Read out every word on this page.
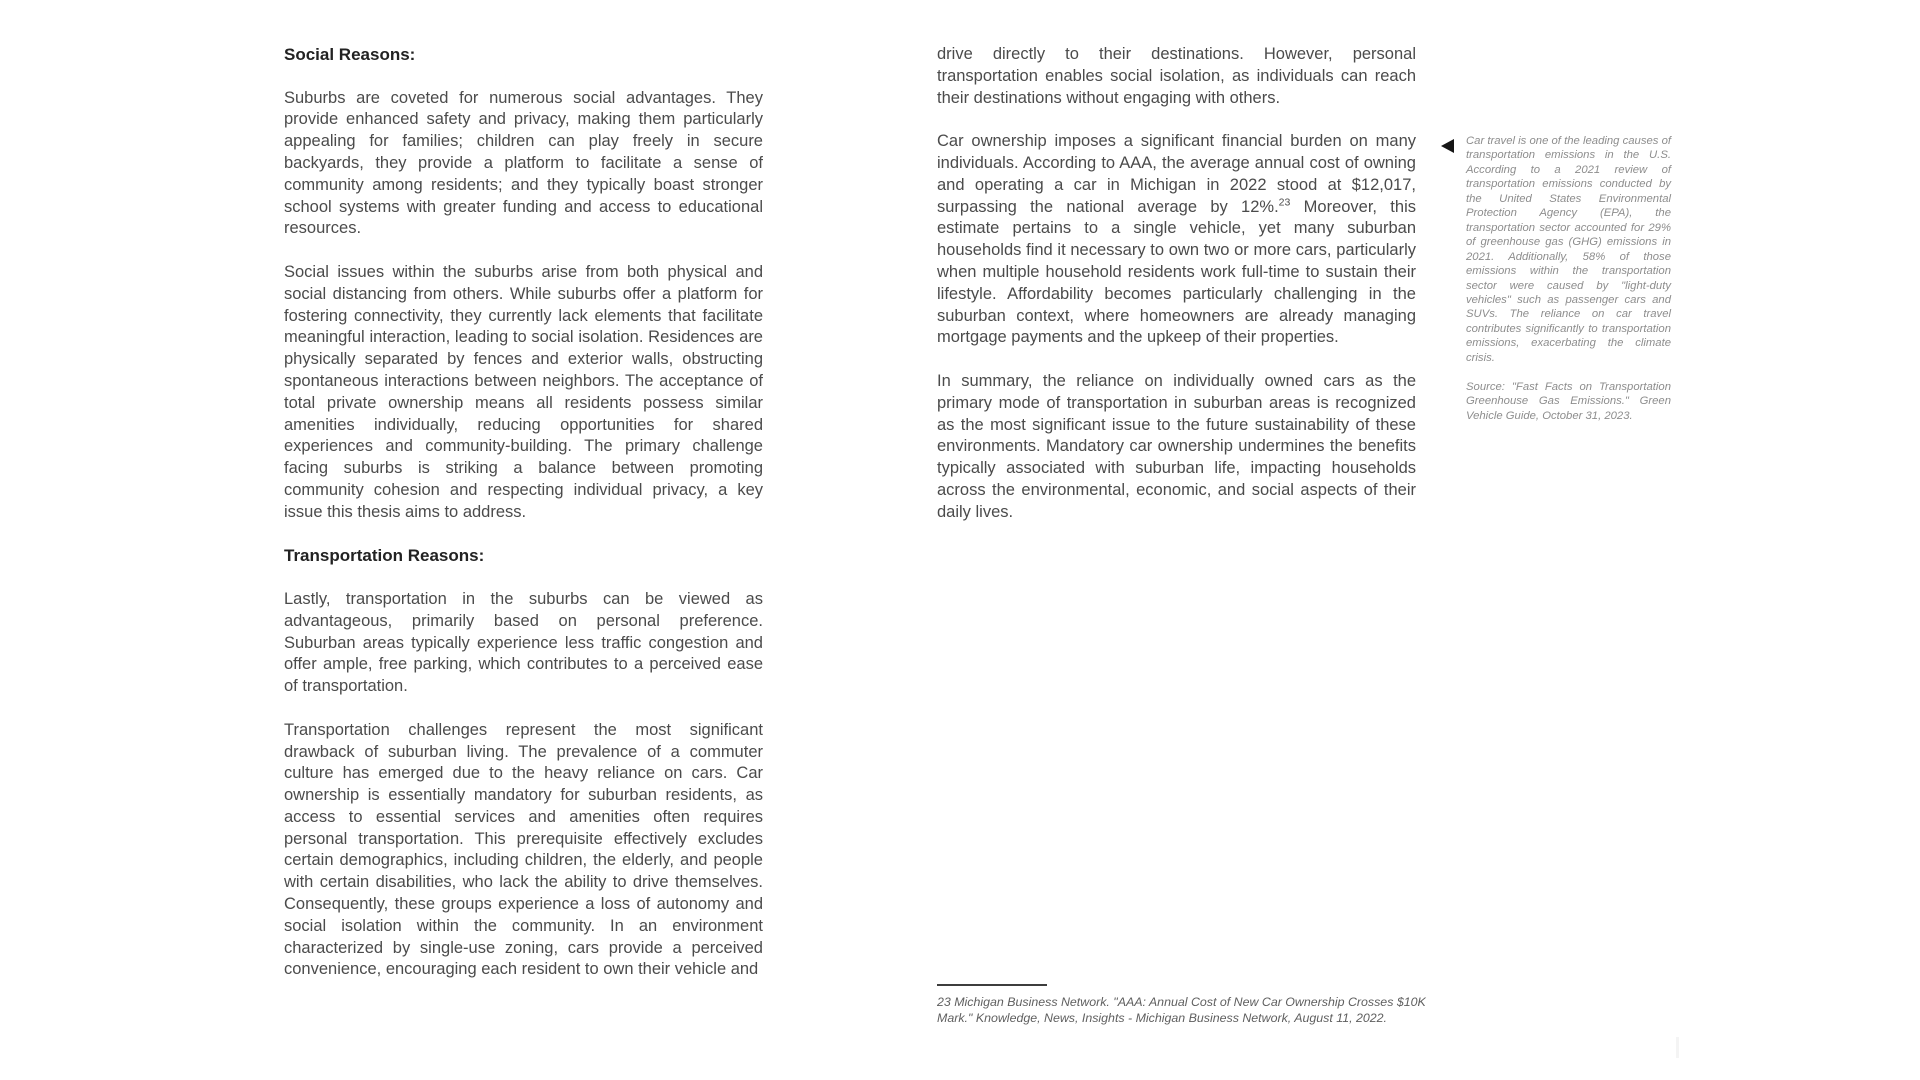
Social Reasons:

Suburbs are coveted for numerous social advantages. They provide enhanced safety and privacy, making them particularly appealing for families; children can play freely in secure backyards, they provide a platform to facilitate a sense of community among residents; and they typically boast stronger school systems with greater funding and access to educational resources.

Social issues within the suburbs arise from both physical and social distancing from others. While suburbs offer a platform for fostering connectivity, they currently lack elements that facilitate meaningful interaction, leading to social isolation. Residences are physically separated by fences and exterior walls, obstructing spontaneous interactions between neighbors. The acceptance of total private ownership means all residents possess similar amenities individually, reducing opportunities for shared experiences and community-building. The primary challenge facing suburbs is striking a balance between promoting community cohesion and respecting individual privacy, a key issue this thesis aims to address.

Transportation Reasons:

Lastly, transportation in the suburbs can be viewed as advantageous, primarily based on personal preference. Suburban areas typically experience less traffic congestion and offer ample, free parking, which contributes to a perceived ease of transportation.

Transportation challenges represent the most significant drawback of suburban living. The prevalence of a commuter culture has emerged due to the heavy reliance on cars. Car ownership is essentially mandatory for suburban residents, as access to essential services and amenities often requires personal transportation. This prerequisite effectively excludes certain demographics, including children, the elderly, and people with certain disabilities, who lack the ability to drive themselves. Consequently, these groups experience a loss of autonomy and social isolation within the community. In an environment characterized by single-use zoning, cars provide a perceived convenience, encouraging each resident to own their vehicle and

drive directly to their destinations. However, personal transportation enables social isolation, as individuals can reach their destinations without engaging with others.

Car ownership imposes a significant financial burden on many individuals. According to AAA, the average annual cost of owning and operating a car in Michigan in 2022 stood at $12,017, surpassing the national average by 12%.$^{23}$ Moreover, this estimate pertains to a single vehicle, yet many suburban households find it necessary to own two or more cars, particularly when multiple household residents work full-time to sustain their lifestyle. Affordability becomes particularly challenging in the suburban context, where homeowners are already managing mortgage payments and the upkeep of their properties.

In summary, the reliance on individually owned cars as the primary mode of transportation in suburban areas is recognized as the most significant issue to the future sustainability of these environments. Mandatory car ownership undermines the benefits typically associated with suburban life, impacting households across the environmental, economic, and social aspects of their daily lives.

Car travel is one of the leading causes of transportation emissions in the U.S. According to a 2021 review of transportation emissions conducted by the United States Environmental Protection Agency (EPA), the transportation sector accounted for 29% of greenhouse gas (GHG) emissions in 2021. Additionally, 58% of those emissions within the transportation sector were caused by "light-duty vehicles" such as passenger cars and SUVs. The reliance on car travel contributes significantly to transportation emissions, exacerbating the climate crisis.

Source: "Fast Facts on Transportation Greenhouse Gas Emissions." Green Vehicle Guide, October 31, 2023.

23 Michigan Business Network. "AAA: Annual Cost of New Car Ownership Crosses $10K Mark." Knowledge, News, Insights - Michigan Business Network, August 11, 2022.
